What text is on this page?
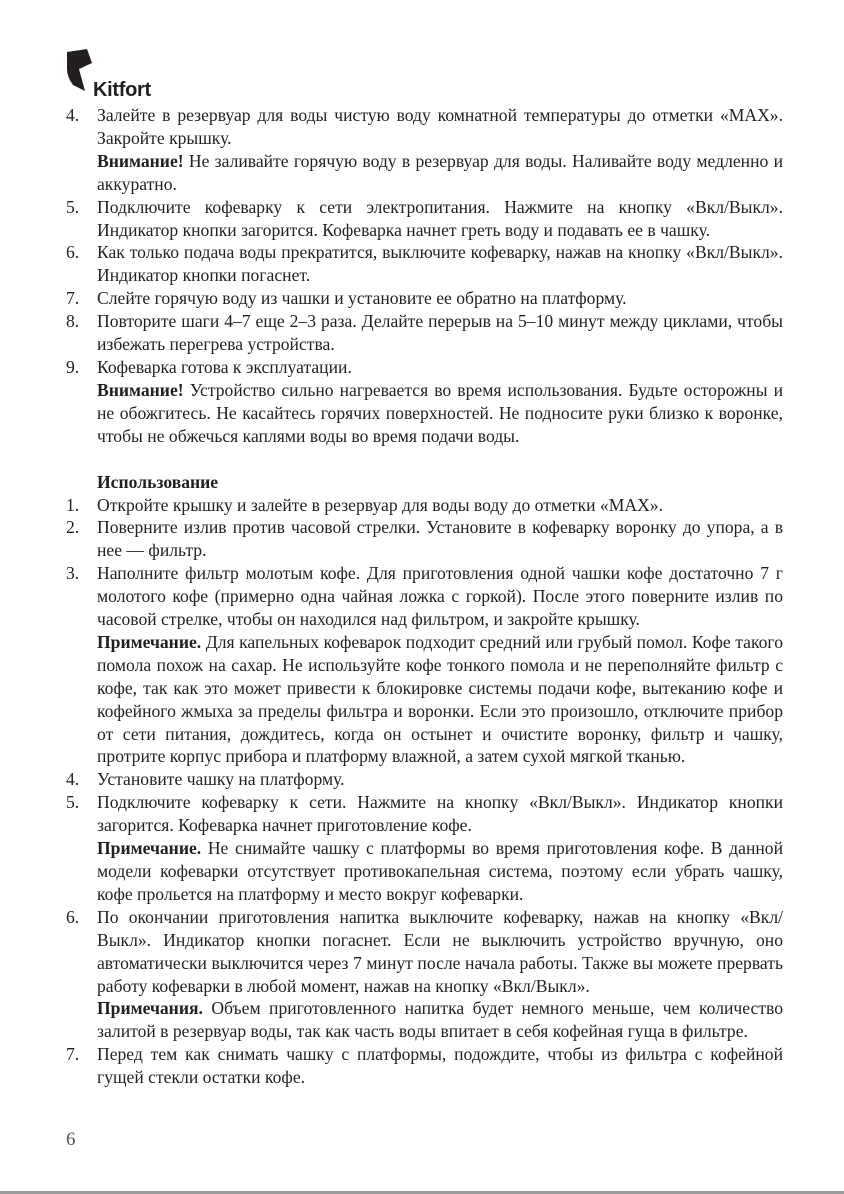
Kitfort
4.	Залейте в резервуар для воды чистую воду комнатной температуры до отметки «MAX». Закройте крышку.
Внимание! Не заливайте горячую воду в резервуар для воды. Наливайте воду медленно и аккуратно.
5.	Подключите кофеварку к сети электропитания. Нажмите на кнопку «Вкл/Выкл». Индикатор кнопки загорится. Кофеварка начнет греть воду и подавать ее в чашку.
6.	Как только подача воды прекратится, выключите кофеварку, нажав на кнопку «Вкл/Выкл». Индикатор кнопки погаснет.
7.	Слейте горячую воду из чашки и установите ее обратно на платформу.
8.	Повторите шаги 4–7 еще 2–3 раза. Делайте перерыв на 5–10 минут между циклами, чтобы избежать перегрева устройства.
9.	Кофеварка готова к эксплуатации.
Внимание! Устройство сильно нагревается во время использования. Будьте осторожны и не обожгитесь. Не касайтесь горячих поверхностей. Не подносите руки близко к воронке, чтобы не обжечься каплями воды во время подачи воды.
Использование
1.	Откройте крышку и залейте в резервуар для воды воду до отметки «MAX».
2.	Поверните излив против часовой стрелки. Установите в кофеварку воронку до упора, а в нее — фильтр.
3.	Наполните фильтр молотым кофе. Для приготовления одной чашки кофе достаточно 7 г молотого кофе (примерно одна чайная ложка с горкой). После этого поверните излив по часовой стрелке, чтобы он находился над фильтром, и закройте крышку.
Примечание. Для капельных кофеварок подходит средний или грубый помол. Кофе такого помола похож на сахар. Не используйте кофе тонкого помола и не переполняйте фильтр с кофе, так как это может привести к блокировке системы подачи кофе, вытеканию кофе и кофейного жмыха за пределы фильтра и воронки. Если это произошло, отключите прибор от сети питания, дождитесь, когда он остынет и очистите воронку, фильтр и чашку, протрите корпус прибора и платформу влажной, а затем сухой мягкой тканью.
4.	Установите чашку на платформу.
5.	Подключите кофеварку к сети. Нажмите на кнопку «Вкл/Выкл». Индикатор кнопки загорится. Кофеварка начнет приготовление кофе.
Примечание. Не снимайте чашку с платформы во время приготовления кофе. В данной модели кофеварки отсутствует противокапельная система, поэтому если убрать чашку, кофе прольется на платформу и место вокруг кофеварки.
6.	По окончании приготовления напитка выключите кофеварку, нажав на кнопку «Вкл/Выкл». Индикатор кнопки погаснет. Если не выключить устройство вручную, оно автоматически выключится через 7 минут после начала работы. Также вы можете прервать работу кофеварки в любой момент, нажав на кнопку «Вкл/Выкл».
Примечания. Объем приготовленного напитка будет немного меньше, чем количество залитой в резервуар воды, так как часть воды впитает в себя кофейная гуща в фильтре.
7.	Перед тем как снимать чашку с платформы, подождите, чтобы из фильтра с кофейной гущей стекли остатки кофе.
6
